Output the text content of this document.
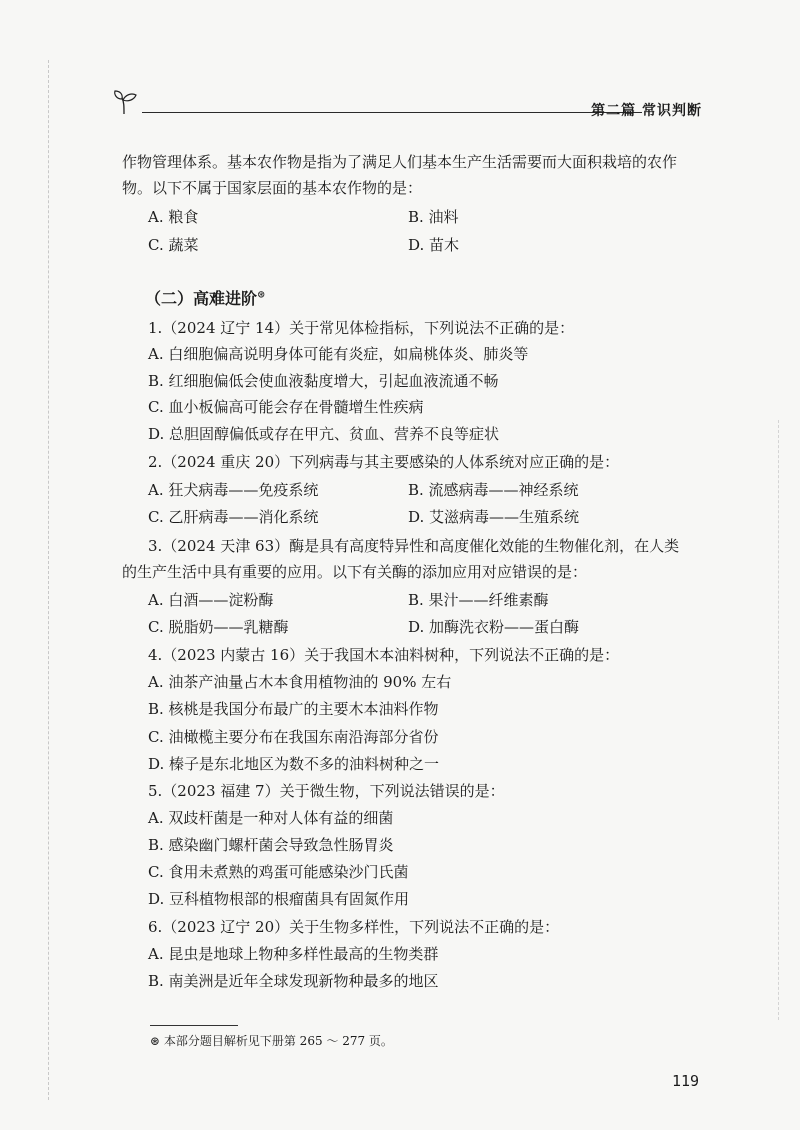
第二篇 常识判断
作物管理体系。基本农作物是指为了满足人们基本生产生活需要而大面积栽培的农作
物。以下不属于国家层面的基本农作物的是：
A. 粮食	B. 油料
C. 蔬菜	D. 苗木
（二）高难进阶⊛
1.（2024 辽宁 14）关于常见体检指标，下列说法不正确的是：
A. 白细胞偏高说明身体可能有炎症，如扁桃体炎、肺炎等
B. 红细胞偏低会使血液黏度增大，引起血液流通不畅
C. 血小板偏高可能会存在骨髓增生性疾病
D. 总胆固醇偏低或存在甲亢、贫血、营养不良等症状
2.（2024 重庆 20）下列病毒与其主要感染的人体系统对应正确的是：
A. 狂犬病毒——免疫系统	B. 流感病毒——神经系统
C. 乙肝病毒——消化系统	D. 艾滋病毒——生殖系统
3.（2024 天津 63）酶是具有高度特异性和高度催化效能的生物催化剂，在人类
的生产生活中具有重要的应用。以下有关酶的添加应用对应错误的是：
A. 白酒——淀粉酶	B. 果汁——纤维素酶
C. 脱脂奶——乳糖酶	D. 加酶洗衣粉——蛋白酶
4.（2023 内蒙古 16）关于我国木本油料树种，下列说法不正确的是：
A. 油茶产油量占木本食用植物油的 90% 左右
B. 核桃是我国分布最广的主要木本油料作物
C. 油橄榄主要分布在我国东南沿海部分省份
D. 榛子是东北地区为数不多的油料树种之一
5.（2023 福建 7）关于微生物，下列说法错误的是：
A. 双歧杆菌是一种对人体有益的细菌
B. 感染幽门螺杆菌会导致急性肠胃炎
C. 食用未煮熟的鸡蛋可能感染沙门氏菌
D. 豆科植物根部的根瘤菌具有固氮作用
6.（2023 辽宁 20）关于生物多样性，下列说法不正确的是：
A. 昆虫是地球上物种多样性最高的生物类群
B. 南美洲是近年全球发现新物种最多的地区
⊛ 本部分题目解析见下册第 265 ～ 277 页。
119
